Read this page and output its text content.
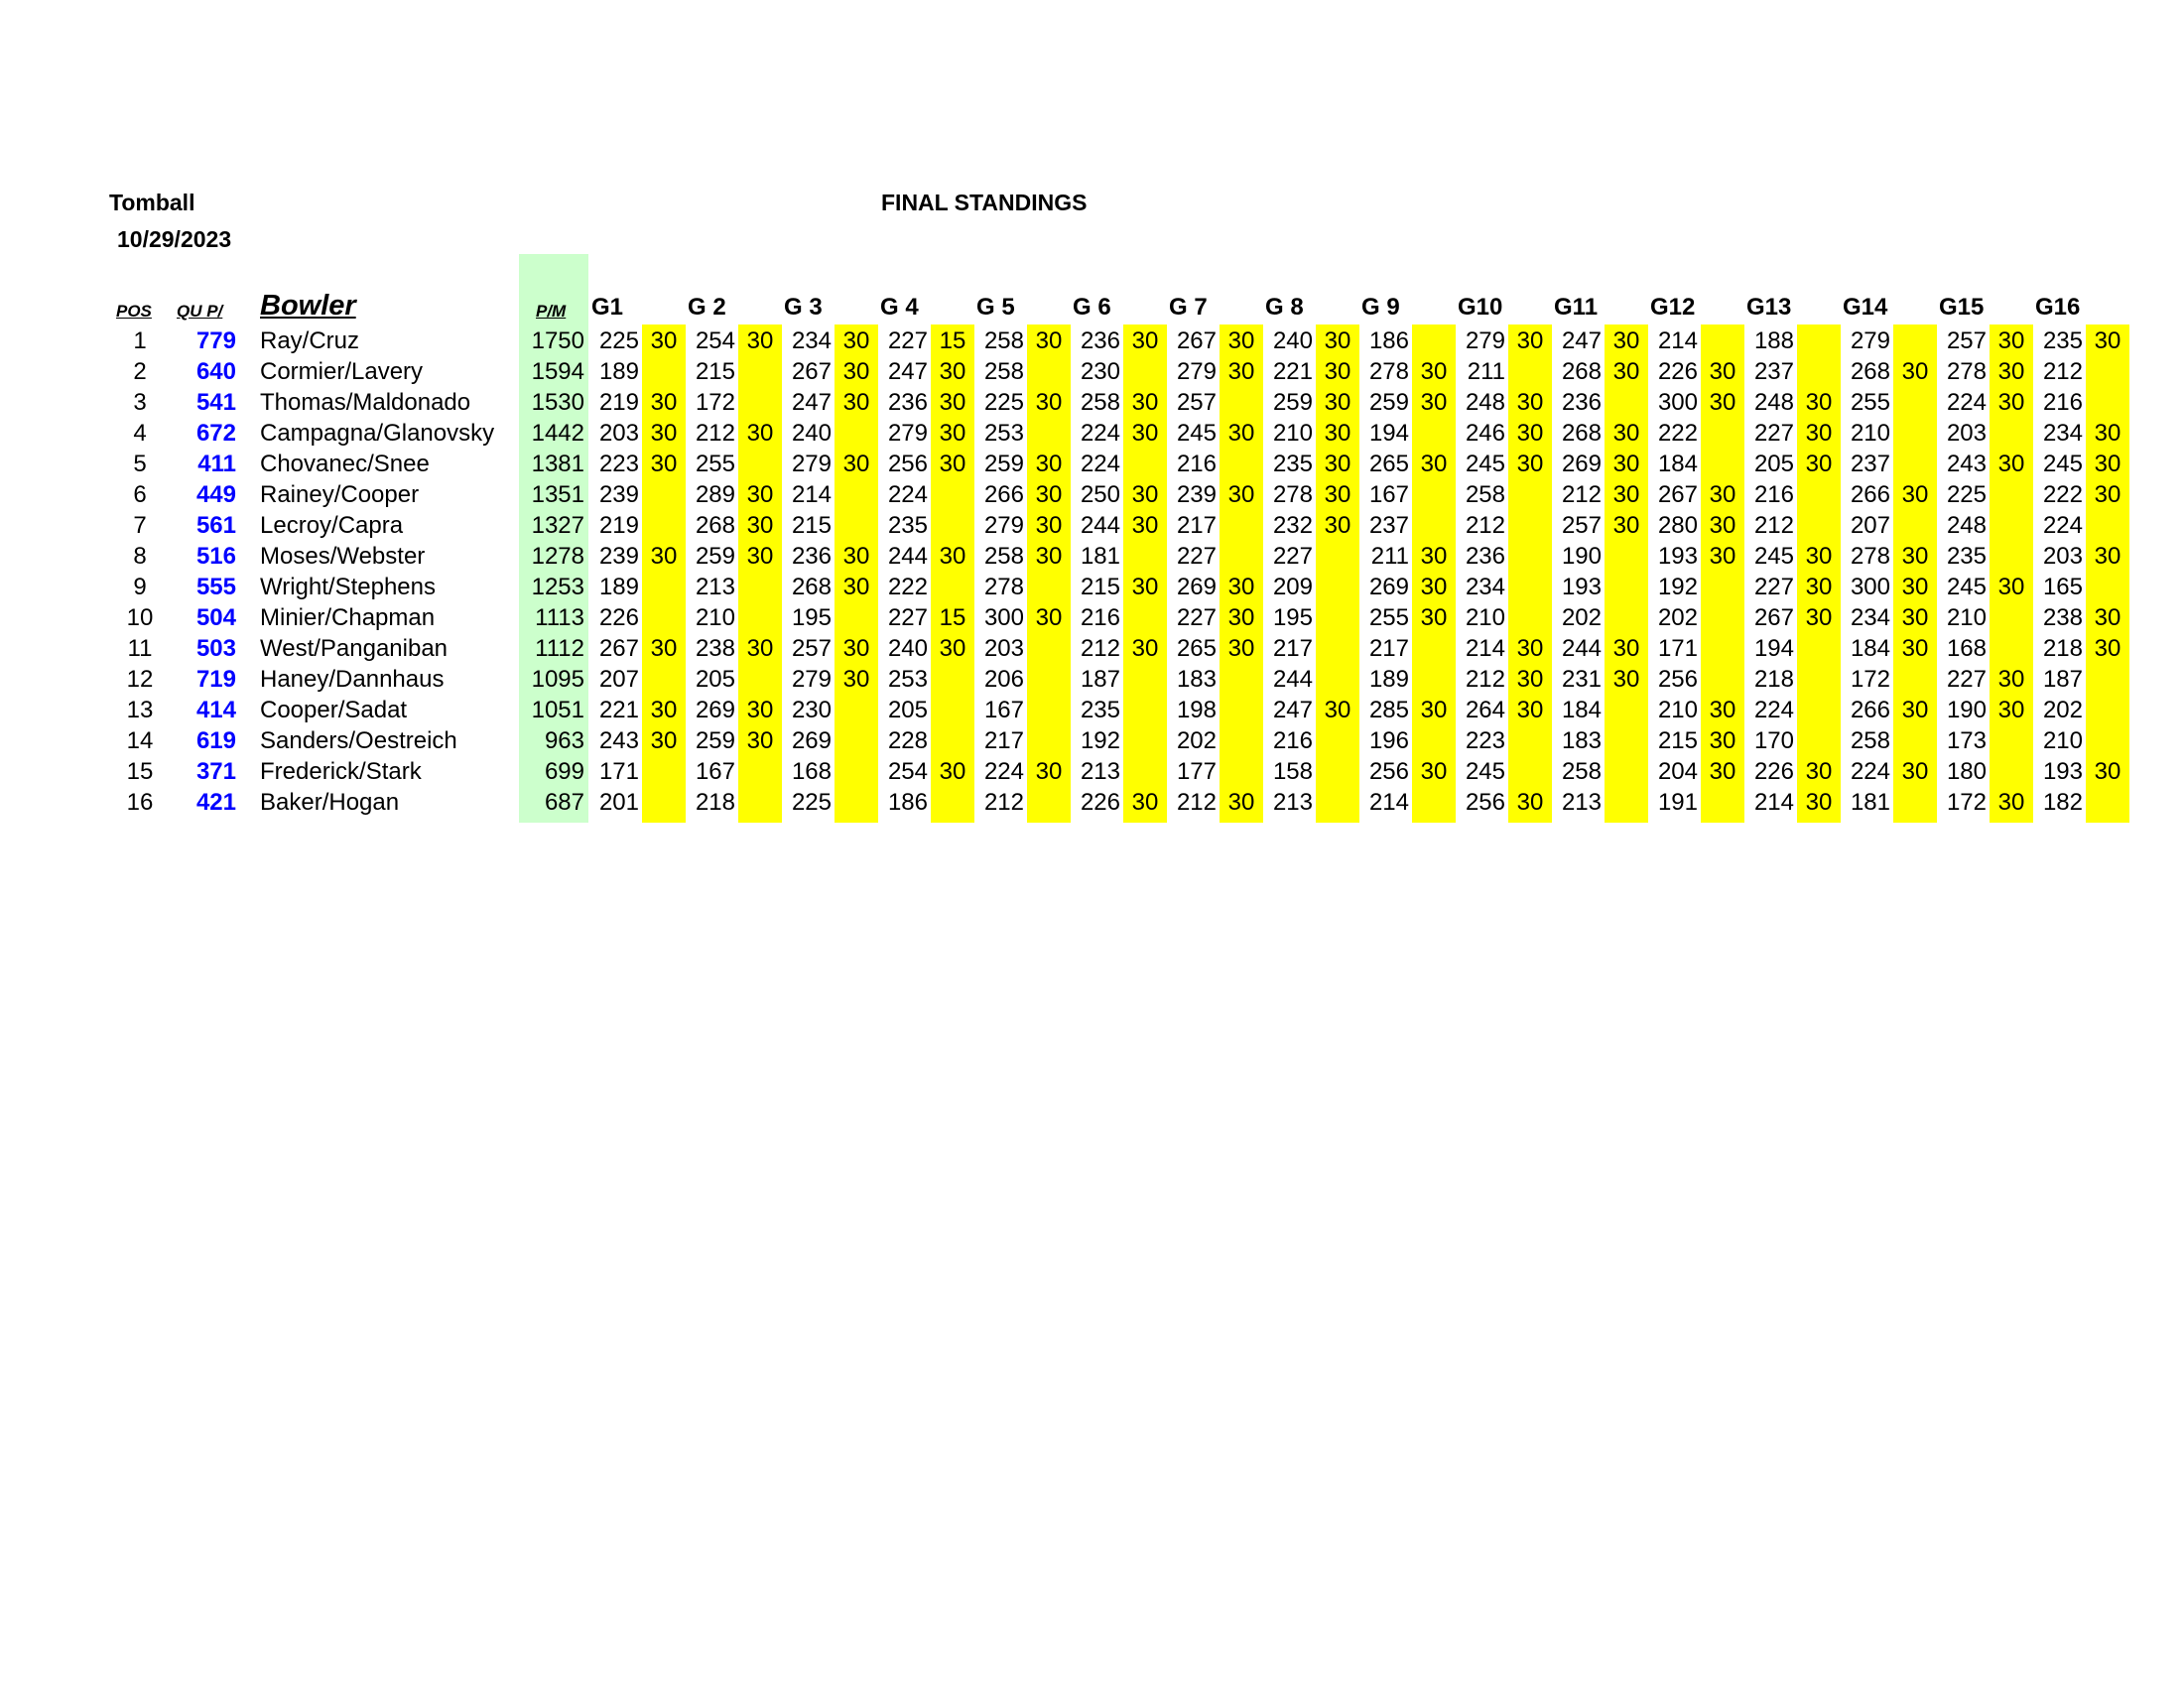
Tomball
10/29/2023
FINAL STANDINGS
POS QU P/ Bowler	P/M G1	G 2 G 3 G 4 G 5 G 6 G 7 G 8 G 9 G10 G11 G12 G13 G14 G15 G16
1	779 Ray/Cruz	1750 225 30 254 30 234 30 227 15 258 30 236 30 267 30 240 30 186	279 30 247 30 214	188	279	257 30 235 30
2	640 Cormier/Lavery	1594 189	215	267 30 247 30 258	230	279 30 221 30 278 30 211	268 30 226 30 237	268 30 278 30 212
3	541 Thomas/Maldonado	1530 219 30 172	247 30 236 30 225 30 258 30 257	259 30 259 30 248 30 236	300 30 248 30 255	224 30 216
4	672 Campagna/Glanovsky	1442 203 30 212 30 240	279 30 253	224 30 245 30 210 30 194	246 30 268 30 222	227 30 210	203	234 30
5	411 Chovanec/Snee	1381 223 30 255	279 30 256 30 259 30 224	216	235 30 265 30 245 30 269 30 184	205 30 237	243 30 245 30
6	449 Rainey/Cooper	1351 239	289 30 214	224	266 30 250 30 239 30 278 30 167	258	212 30 267 30 216	266 30 225	222 30
7	561 Lecroy/Capra	1327 219	268 30 215	235	279 30 244 30 217	232 30 237	212	257 30 280 30 212	207	248	224
8	516 Moses/Webster	1278 239 30 259 30 236 30 244 30 258 30 181	227	227	211 30 236	190	193 30 245 30 278 30 235	203 30
9	555 Wright/Stephens	1253 189	213	268 30 222	278	215 30 269 30 209	269 30 234	193	192	227 30 300 30 245 30 165
10	504 Minier/Chapman	1113 226	210	195	227 15 300 30 216	227 30 195	255 30 210	202	202	267 30 234 30 210	238 30
11	503 West/Panganiban	1112 267 30 238 30 257 30 240 30 203	212 30 265 30 217	217	214 30 244 30 171	194	184 30 168	218 30
12	719 Haney/Dannhaus	1095 207	205	279 30 253	206	187	183	244	189	212 30 231 30 256	218	172	227 30 187
13	414 Cooper/Sadat	1051 221 30 269 30 230	205	167	235	198	247 30 285 30 264 30 184	210 30 224	266 30 190 30 202
14	619 Sanders/Oestreich	963 243 30 259 30 269	228	217	192	202	216	196	223	183	215 30 170	258	173	210
15	371 Frederick/Stark	699 171	167	168	254 30 224 30 213	177	158	256 30 245	258	204 30 226 30 224 30 180	193 30
16	421 Baker/Hogan	687 201	218	225	186	212	226 30 212 30 213	214	256 30 213	191	214 30 181	172 30 182
